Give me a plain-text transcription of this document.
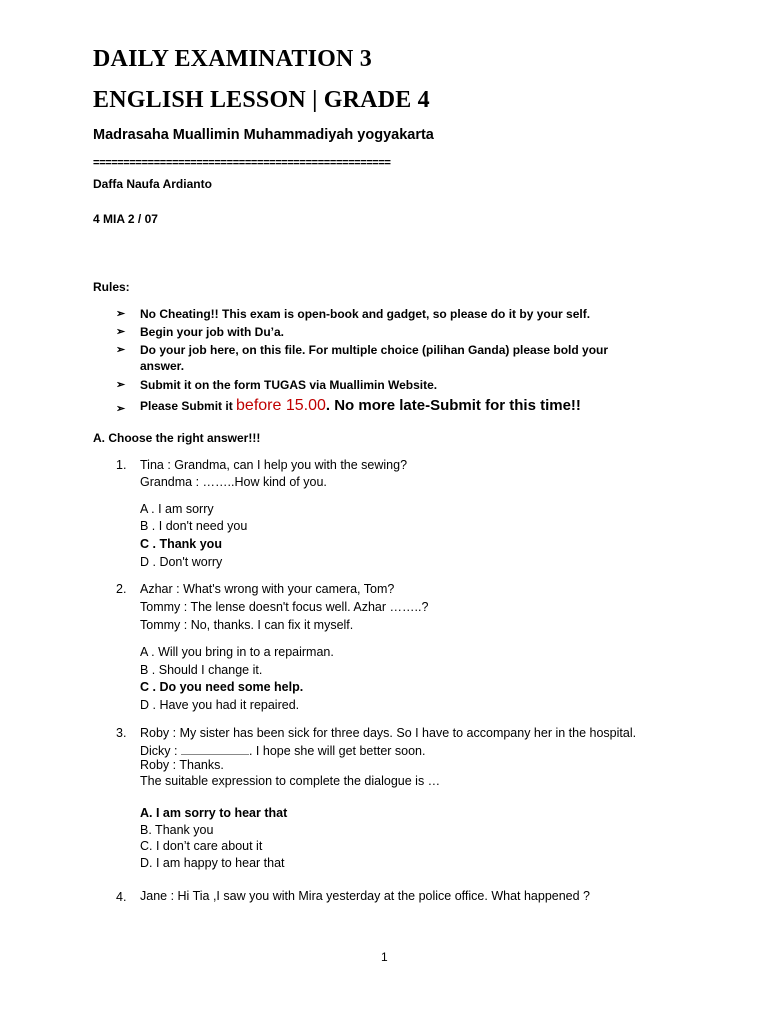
DAILY EXAMINATION 3
ENGLISH LESSON | GRADE 4
Madrasaha Muallimin Muhammadiyah yogyakarta
=================================================
Daffa Naufa Ardianto
4 MIA 2 / 07
Rules:
➢	No Cheating!! This exam is open-book and gadget, so please do it by your self.
➢	Begin your job with Du’a.
➢	Do your job here, on this file. For multiple choice (pilihan Ganda) please bold your answer.
➢	Submit it on the form TUGAS via Muallimin Website.
➢	Please Submit it before 15.00. No more late-Submit for this time!!
A. Choose the right answer!!!
1. Tina : Grandma, can I help you with the sewing?
Grandma : ……..How kind of you.
A . I am sorry
B . I don't need you
C . Thank you
D . Don't worry
2. Azhar : What's wrong with your camera, Tom?
Tommy : The lense doesn't focus well. Azhar ……..?
Tommy : No, thanks. I can fix it myself.
A . Will you bring in to a repairman.
B . Should I change it.
C . Do you need some help.
D . Have you had it repaired.
3. Roby : My sister has been sick for three days. So I have to accompany her in the hospital.
Dicky :	. I hope she will get better soon.
Roby : Thanks.
The suitable expression to complete the dialogue is …
A. I am sorry to hear that
B. Thank you
C. I don’t care about it
D. I am happy to hear that
4. Jane : Hi Tia ,I saw you with Mira yesterday at the police office. What happened ?
1
